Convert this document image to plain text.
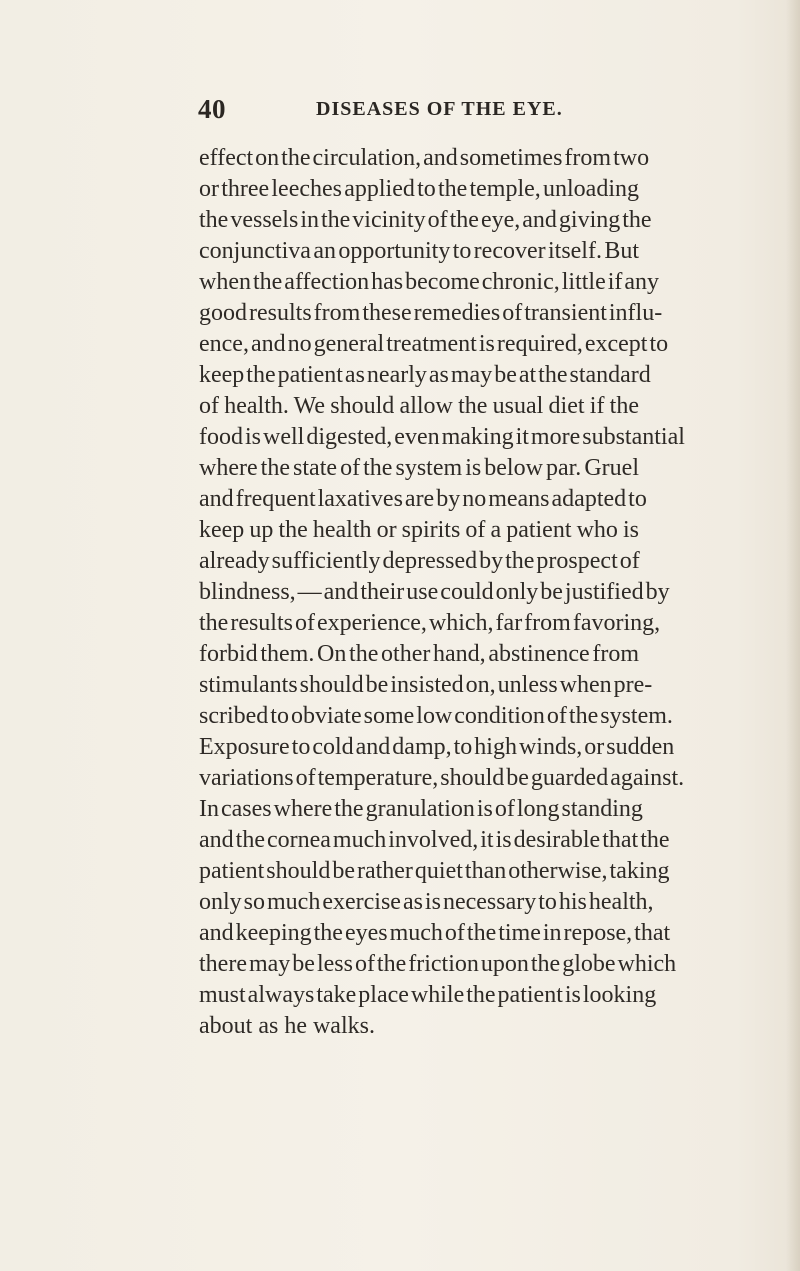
40	DISEASES OF THE EYE.
effect on the circulation, and sometimes from two
or three leeches applied to the temple, unloading
the vessels in the vicinity of the eye, and giving the
conjunctiva an opportunity to recover itself. But
when the affection has become chronic, little if any
good results from these remedies of transient influ-
ence, and no general treatment is required, except to
keep the patient as nearly as may be at the standard
of health. We should allow the usual diet if the
food is well digested, even making it more substantial
where the state of the system is below par. Gruel
and frequent laxatives are by no means adapted to
keep up the health or spirits of a patient who is
already sufficiently depressed by the prospect of
blindness, — and their use could only be justified by
the results of experience, which, far from favoring,
forbid them. On the other hand, abstinence from
stimulants should be insisted on, unless when pre-
scribed to obviate some low condition of the system.
Exposure to cold and damp, to high winds, or sudden
variations of temperature, should be guarded against.
In cases where the granulation is of long standing
and the cornea much involved, it is desirable that the
patient should be rather quiet than otherwise, taking
only so much exercise as is necessary to his health,
and keeping the eyes much of the time in repose, that
there may be less of the friction upon the globe which
must always take place while the patient is looking
about as he walks.
